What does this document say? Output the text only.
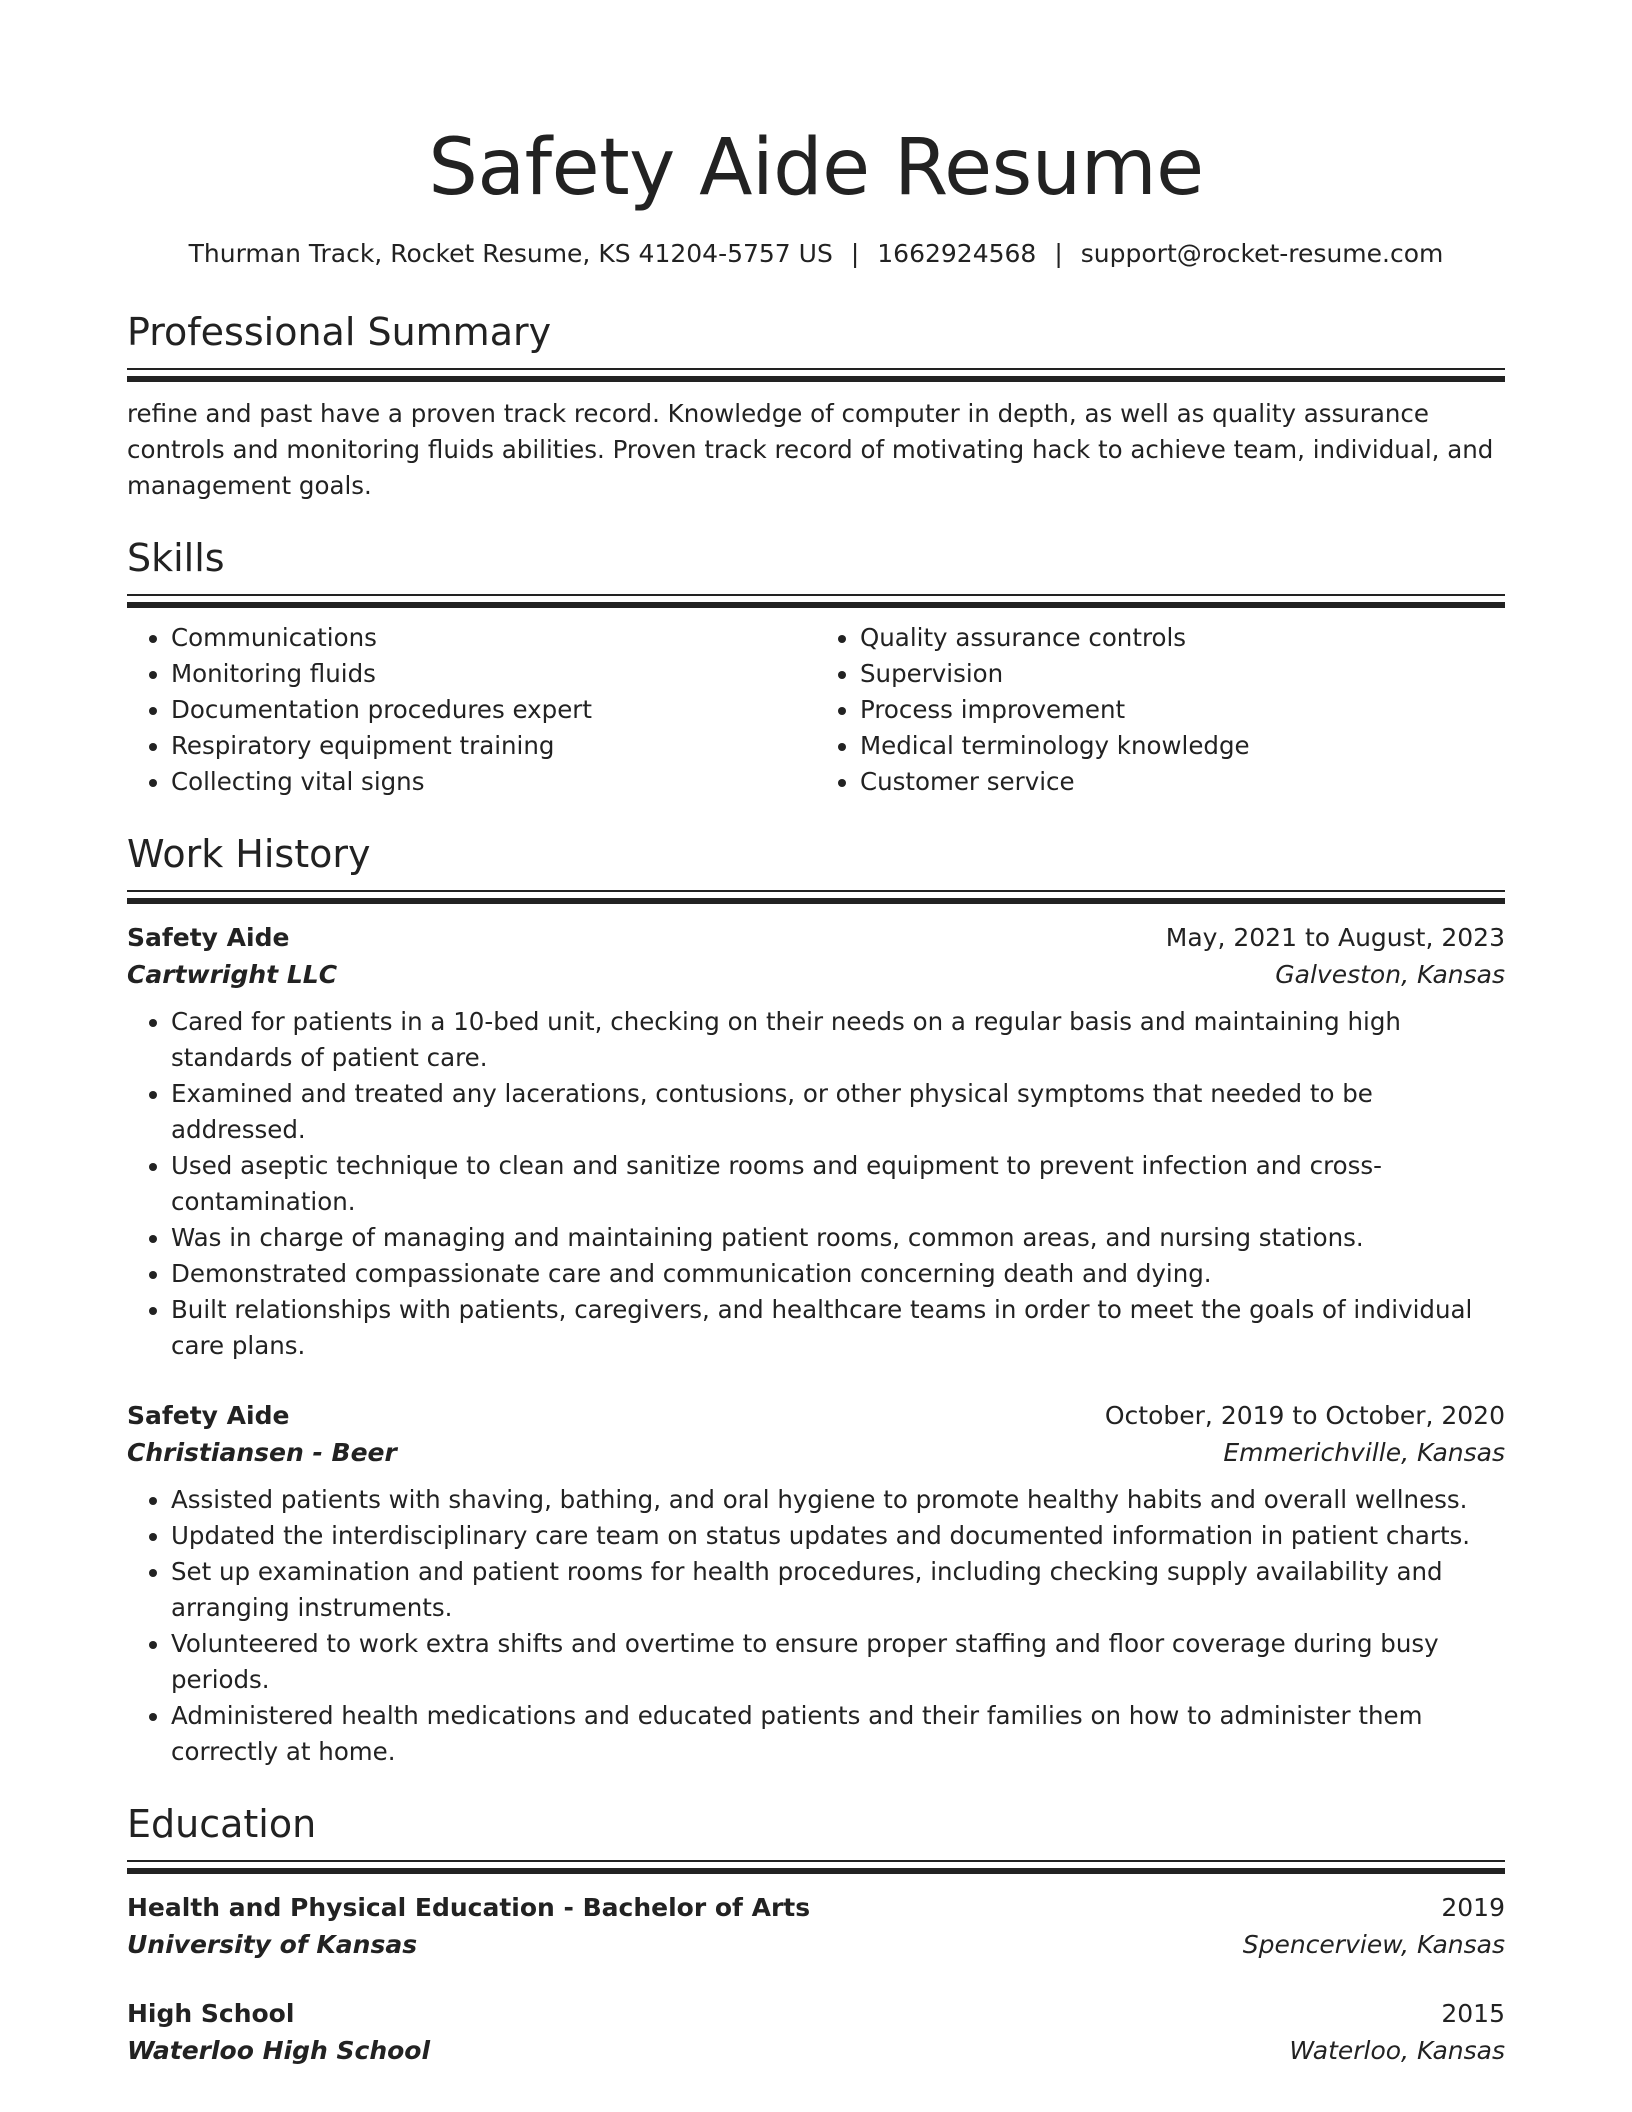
Safety Aide Resume
Thurman Track, Rocket Resume, KS 41204-5757 US | 1662924568 | support@rocket-resume.com
Professional Summary

refine and past have a proven track record. Knowledge of computer in depth, as well as quality assurance controls and monitoring fluids abilities. Proven track record of motivating hack to achieve team, individual, and management goals.

Skills
• Communications
• Monitoring fluids
• Documentation procedures expert
• Respiratory equipment training
• Collecting vital signs
• Quality assurance controls
• Supervision
• Process improvement
• Medical terminology knowledge
• Customer service
Work History
Safety Aide	May, 2021 to August, 2023
Cartwright LLC	Galveston, Kansas
• Cared for patients in a 10-bed unit, checking on their needs on a regular basis and maintaining high standards of patient care.
• Examined and treated any lacerations, contusions, or other physical symptoms that needed to be addressed.
• Used aseptic technique to clean and sanitize rooms and equipment to prevent infection and cross-contamination.
• Was in charge of managing and maintaining patient rooms, common areas, and nursing stations.
• Demonstrated compassionate care and communication concerning death and dying.
• Built relationships with patients, caregivers, and healthcare teams in order to meet the goals of individual care plans.
Safety Aide	October, 2019 to October, 2020
Christiansen - Beer	Emmerichville, Kansas
• Assisted patients with shaving, bathing, and oral hygiene to promote healthy habits and overall wellness.
• Updated the interdisciplinary care team on status updates and documented information in patient charts.
• Set up examination and patient rooms for health procedures, including checking supply availability and arranging instruments.
• Volunteered to work extra shifts and overtime to ensure proper staffing and floor coverage during busy periods.
• Administered health medications and educated patients and their families on how to administer them correctly at home.
Education
Health and Physical Education - Bachelor of Arts	2019
University of Kansas	Spencerview, Kansas
High School	2015
Waterloo High School	Waterloo, Kansas
